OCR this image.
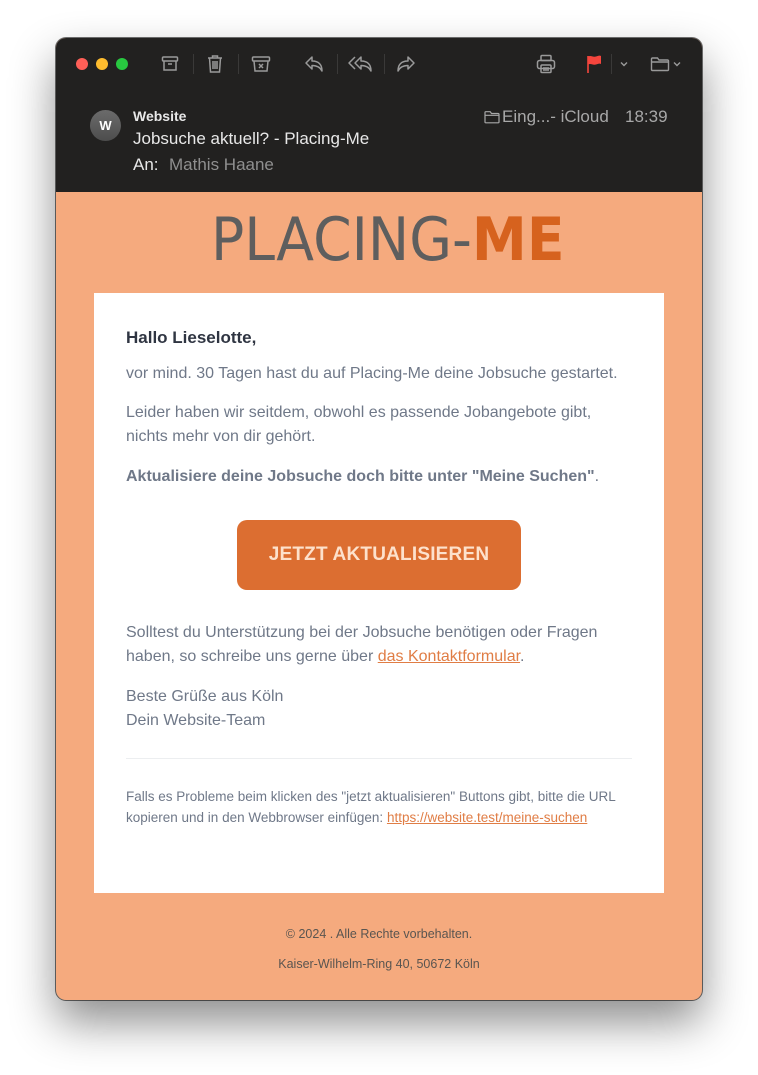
W
Website
Jobsuche aktuell? - Placing-Me
An: Mathis Haane
Eing...- iCloud 18:39
PLACING-ME
Hallo Lieselotte,
vor mind. 30 Tagen hast du auf Placing-Me deine Jobsuche gestartet.
Leider haben wir seitdem, obwohl es passende Jobangebote gibt, nichts mehr von dir gehört.
Aktualisiere deine Jobsuche doch bitte unter "Meine Suchen".
JETZT AKTUALISIEREN
Solltest du Unterstützung bei der Jobsuche benötigen oder Fragen haben, so schreibe uns gerne über das Kontaktformular.
Beste Grüße aus Köln
Dein Website-Team
Falls es Probleme beim klicken des "jetzt aktualisieren" Buttons gibt, bitte die URL kopieren und in den Webbrowser einfügen: https://website.test/meine-suchen
© 2024 . Alle Rechte vorbehalten.
Kaiser-Wilhelm-Ring 40, 50672 Köln
